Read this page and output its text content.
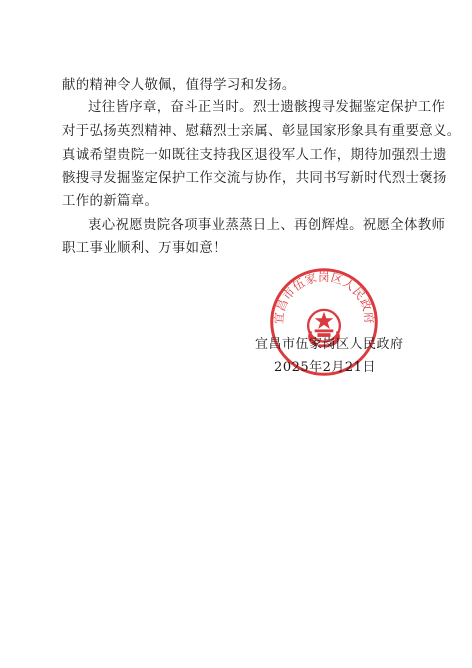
献的精神令人敬佩，值得学习和发扬。
过往皆序章，奋斗正当时。烈士遗骸搜寻发掘鉴定保护工作
对于弘扬英烈精神、慰藉烈士亲属、彰显国家形象具有重要意义。
真诚希望贵院一如既往支持我区退役军人工作，期待加强烈士遗
骸搜寻发掘鉴定保护工作交流与协作，共同书写新时代烈士褒扬
工作的新篇章。
衷心祝愿贵院各项事业蒸蒸日上、再创辉煌。祝愿全体教师
职工事业顺利、万事如意！
宜昌市伍家岗区人民政府
宜昌市伍家岗区人民政府
2025年2月21日
